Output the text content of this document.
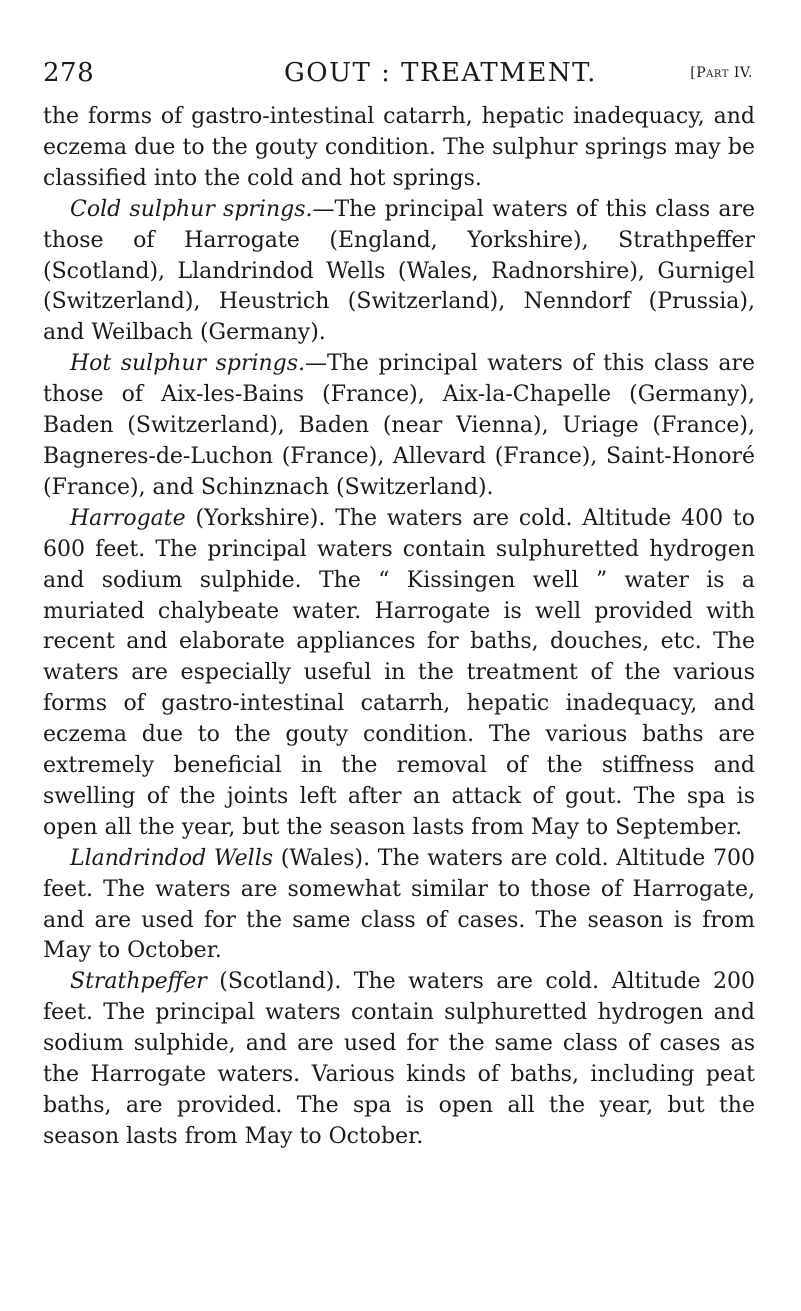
278	GOUT : TREATMENT.	[Part IV.

the forms of gastro-intestinal catarrh, hepatic inadequacy, and eczema due to the gouty condition. The sulphur springs may be classified into the cold and hot springs.

Cold sulphur springs.—The principal waters of this class are those of Harrogate (England, Yorkshire), Strathpeffer (Scotland), Llandrindod Wells (Wales, Radnorshire), Gurnigel (Switzerland), Heustrich (Switzerland), Nenndorf (Prussia), and Weilbach (Germany).

Hot sulphur springs.—The principal waters of this class are those of Aix-les-Bains (France), Aix-la-Chapelle (Germany), Baden (Switzerland), Baden (near Vienna), Uriage (France), Bagneres-de-Luchon (France), Allevard (France), Saint-Honoré (France), and Schinznach (Switzerland).

Harrogate (Yorkshire). The waters are cold. Altitude 400 to 600 feet. The principal waters contain sulphuretted hydrogen and sodium sulphide. The “ Kissingen well ” water is a muriated chalybeate water. Harrogate is well provided with recent and elaborate appliances for baths, douches, etc. The waters are especially useful in the treatment of the various forms of gastro-intestinal catarrh, hepatic inadequacy, and eczema due to the gouty condition. The various baths are extremely beneficial in the removal of the stiffness and swelling of the joints left after an attack of gout. The spa is open all the year, but the season lasts from May to September.

Llandrindod Wells (Wales). The waters are cold. Altitude 700 feet. The waters are somewhat similar to those of Harrogate, and are used for the same class of cases. The season is from May to October.

Strathpeffer (Scotland). The waters are cold. Altitude 200 feet. The principal waters contain sulphuretted hydrogen and sodium sulphide, and are used for the same class of cases as the Harrogate waters. Various kinds of baths, including peat baths, are provided. The spa is open all the year, but the season lasts from May to October.
